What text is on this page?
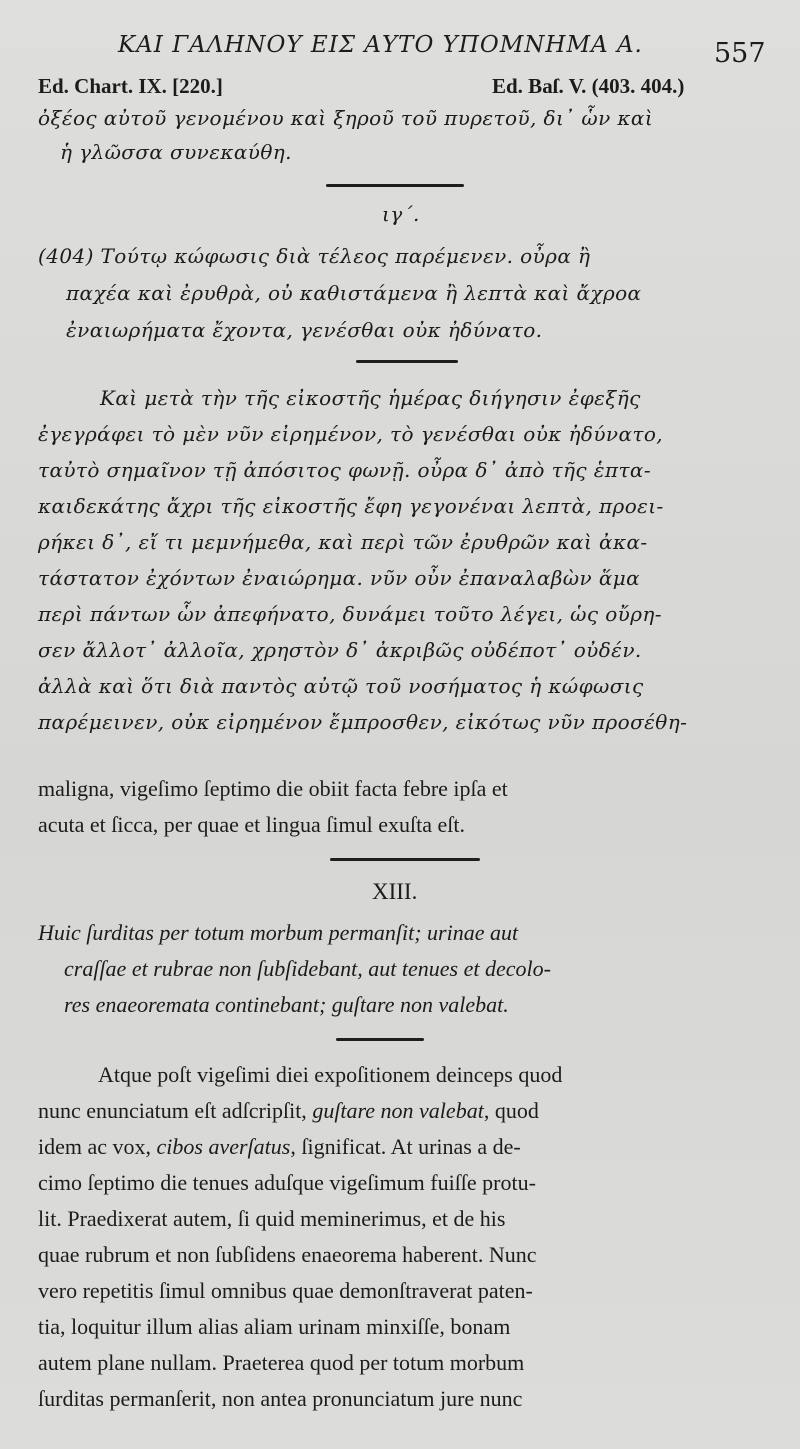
ΚΑΙ ΓΑΛΗΝΟΥ ΕΙΣ ΑΥΤΟ ΥΠΟΜΝΗΜΑ Α.	557
Ed. Chart. IX. [220.]	Ed. Baſ. V. (403. 404.)
ὀξέος αὐτοῦ γενομένου καὶ ξηροῦ τοῦ πυρετοῦ, δι᾽ ὧν καὶ
ἡ γλῶσσα συνεκαύθη.
ιγ΄.
(404) Τούτῳ κώφωσις διὰ τέλεος παρέμενεν. οὖρα ἢ
παχέα καὶ ἐρυθρὰ, οὐ καθιστάμενα ἢ λεπτὰ καὶ ἄχροα
ἐναιωρήματα ἔχοντα, γενέσθαι οὐκ ἠδύνατο.
Καὶ μετὰ τὴν τῆς εἰκοστῆς ἡμέρας διήγησιν ἐφεξῆς
ἐγεγράφει τὸ μὲν νῦν εἰρημένον, τὸ γενέσθαι οὐκ ἠδύνατο,
ταὐτὸ σημαῖνον τῇ ἀπόσιτος φωνῇ. οὖρα δ᾽ ἀπὸ τῆς ἑπτα-
καιδεκάτης ἄχρι τῆς εἰκοστῆς ἔφη γεγονέναι λεπτὰ, προει-
ρήκει δ᾽, εἴ τι μεμνήμεθα, καὶ περὶ τῶν ἐρυθρῶν καὶ ἀκα-
τάστατον ἐχόντων ἐναιώρημα. νῦν οὖν ἐπαναλαβὼν ἅμα
περὶ πάντων ὧν ἀπεφήνατο, δυνάμει τοῦτο λέγει, ὡς οὔρη-
σεν ἄλλοτ᾽ ἀλλοῖα, χρηστὸν δ᾽ ἀκριβῶς οὐδέποτ᾽ οὐδέν.
ἀλλὰ καὶ ὅτι διὰ παντὸς αὐτῷ τοῦ νοσήματος ἡ κώφωσις
παρέμεινεν, οὐκ εἰρημένον ἔμπροσθεν, εἰκότως νῦν προσέθη-
maligna, vigeſimo ſeptimo die obiit facta febre ipſa et
acuta et ſicca, per quae et lingua ſimul exuſta eſt.
XIII.
Huic ſurditas per totum morbum permanſit; urinae aut
craſſae et rubrae non ſubſidebant, aut tenues et decolo-
res enaeoremata continebant; guſtare non valebat.
Atque poſt vigeſimi diei expoſitionem deinceps quod
nunc enunciatum eſt adſcripſit, guſtare non valebat, quod
idem ac vox, cibos averſatus, ſignificat. At urinas a de-
cimo ſeptimo die tenues aduſque vigeſimum fuiſſe protu-
lit. Praedixerat autem, ſi quid meminerimus, et de his
quae rubrum et non ſubſidens enaeorema haberent. Nunc
vero repetitis ſimul omnibus quae demonſtraverat paten-
tia, loquitur illum alias aliam urinam minxiſſe, bonam
autem plane nullam. Praeterea quod per totum morbum
ſurditas permanſerit, non antea pronunciatum jure nunc
